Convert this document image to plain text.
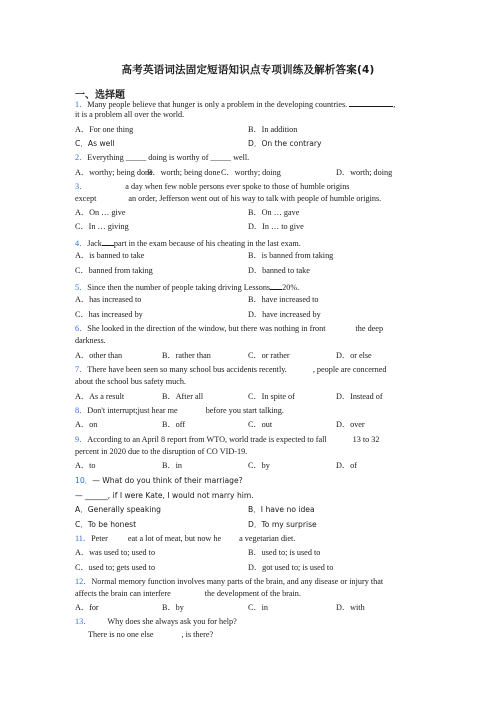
高考英语词法固定短语知识点专项训练及解析答案(4)
一、选择题
1．Many people believe that hunger is only a problem in the developing countries.	,
it is a problem all over the world.
A．For one thing	B．In addition
C．As well	D．On the contrary
2．Everything _____ doing is worthy of _____ well.
A．worthy; being done
B．worth; being done C．worthy; doing	D．worth; doing
3．	a day when few noble persons ever spoke to those of humble origins
except	an order, Jefferson went out of his way to talk with people of humble origins.
A．On … give	B．On … gave
C．In … giving	D．In … to give
4．Jack part in the exam because of his cheating in the last exam.
A．is banned to take	B．is banned from taking
C．banned from taking	D．banned to take
5．Since then the number of people taking driving Lessons 20%.
A．has increased to	B．have increased to
C．has increased by	D．have increased by
6．She looked in the direction of the window, but there was nothing in front	the deep
darkness.
A．other than	B．rather than	C．or rather	D．or else
7．There have been seen so many school bus accidents recently.	, people are concerned
about the school bus safety much.
A．As a result	B．After all	C．In spite of	D．Instead of
8．Don't interrupt;just hear me	before you start talking.
A．on	B．off	C．out	D．over
9．According to an April 8 report from WTO, world trade is expected to fall	13 to 32
percent in 2020 due to the disruption of CO VID-19.
A．to	B．in	C．by	D．of
10．— What do you think of their marriage?
— ______, if I were Kate, I would not marry him.
A．Generally speaking	B．I have no idea
C．To be honest	D．To my surprise
11．Peter eat a lot of meat, but now he a vegetarian diet.
A．was used to; used to	B．used to; is used to
C．used to; gets used to	D．got used to; is used to
12．Normal memory function involves many parts of the brain, and any disease or injury that
affects the brain can interfere	the development of the brain.
A．for	B．by	C．in	D．with
13． Why does she always ask you for help?
There is no one else	, is there?
